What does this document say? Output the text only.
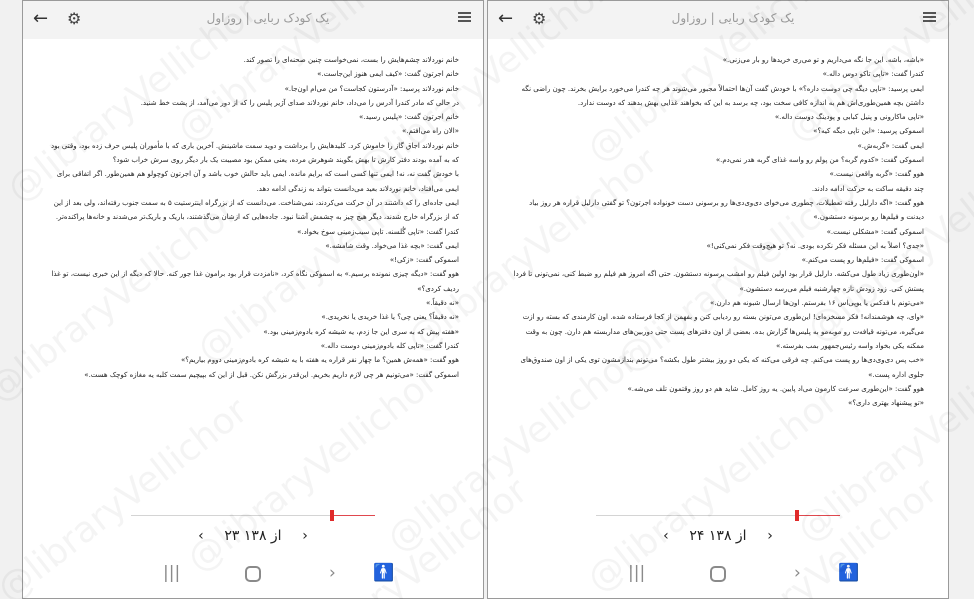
← ⚙	یک کودک ربایی | روزاول

خانم نوردلاند چشم‌هایش را بست، نمی‌خواست چنین صحنه‌ای را تصور کند.

خانم اجرتون گفت: «کیف ایمی هنوز این‌جاست.»

خانم نوردلاند پرسید: «آدرستون کجاست؟ من می‌ام اون‌جا.»

در حالی که مادر کندرا آدرس را می‌داد، خانم نوردلاند صدای آژیر پلیس را که از دور می‌آمد، از پشت خط شنید.

خانم اجرتون گفت: «پلیس رسید.»

«الان راه می‌افتم.»

خانم نوردلاند اجاق گاز را خاموش کرد. کلیدهایش را برداشت و دوید سمت ماشینش. آخرین باری که با مأموران پلیس حرف زده بود، وقتی بود که به آمده بودند دفتر کارش تا بهش بگویند شوهرش مرده، یعنی ممکن بود مصیبت یک بار دیگر روی سرش خراب شود؟

با خودش گفت نه، نه! ایمی تنها کسی است که برایم مانده. ایمی باید حالش خوب باشد و آن اجرتون کوچولو هم همین‌طور. اگر اتفاقی برای ایمی می‌افتاد، خانم نوردلاند بعید می‌دانست بتواند به زندگی ادامه دهد.

ایمی جاده‌ای را که داشتند در آن حرکت می‌کردند، نمی‌شناخت. می‌دانست که از بزرگراه اینترستیت ۵ به سمت جنوب رفته‌اند، ولی بعد از این که از بزرگراه خارج شدند، دیگر هیچ چیز به چشمش آشنا نبود. جاده‌هایی که ازشان می‌گذشتند، باریک و باریک‌تر می‌شدند و خانه‌ها پراکنده‌تر.

کندرا گفت: «تاپی گُلسنه. تاپی سیب‌زمینی سوخ بخواد.»

ایمی گفت: «بچه غذا می‌خواد. وقت شامشه.»

اسموکی گفت: «زکی!»

هوو گفت: «دیگه چیزی نمونده برسیم.» به اسموکی نگاه کرد، «نامزدت قرار بود برامون غذا جور کنه. حالا که دیگه از این خبری نیست، تو غذا ردیف کردی؟»

«نه دقیقاً.»

«نه دقیقاً؟ یعنی چی؟ یا غذا خریدی یا نخریدی.»

«هفته پیش که به سری این جا زدم، یه شیشه کره بادوم‌زمینی بود.»

کندرا گفت: «تاپی کله بادوم‌زمینی دوست داله.»

هوو گفت: «همه‌ش همین؟ ما چهار نفر قراره یه هفته با یه شیشه کره بادوم‌زمینی دووم بیاریم؟»

اسموکی گفت: «می‌تونیم هر چی لازم داریم بخریم. این‌قدر بزرگش نکن. قبل از این که بپیچیم سمت کلبه یه مغازه کوچک هست.»

‹ ۲۳ از ۱۳۸ ›
|||	› 🚹
← ⚙	یک کودک ربایی | روزاول

«باشه، باشه. این جا نگه می‌داریم و تو می‌ری خریدها رو بار می‌زنی.»

کندرا گفت: «تاپی تاکو دوس داله.»

ایمی پرسید: «تاپی دیگه چی دوست داره؟» با خودش گفت آن‌ها احتمالاً مجبور می‌شوند هر چه کندرا می‌خورد برایش بخرند. چون راضی نگه داشتن بچه همین‌طوری‌اش هم به اندازه کافی سخت بود، چه برسد به این که بخواهند غذایی بهش بدهند که دوست ندارد.

«تاپی ماکارونی و پنیل کبابی و پودینگ دوست داله.»

اسموکی پرسید: «این تاپی دیگه کیه؟»

ایمی گفت: «گربه‌ش.»

اسموکی گفت: «کدوم گربه؟ من پولم رو واسه غذای گربه هدر نمی‌دم.»

هوو گفت: «گربه واقعی نیست.»

چند دقیقه ساکت به حرکت ادامه دادند.

هوو گفت: «اگه دارلیل رفته تعطیلات، چطوری می‌خوای دی‌وی‌دی‌ها رو برسونی دست خونواده اجرتون؟ تو گفتی دارلیل قراره هر روز بیاد دیدنت و فیلم‌ها رو برسونه دستشون.»

اسموکی گفت: «مشکلی نیست.»

«جدی؟ اصلاً به این مسئله فکر نکرده بودی. نه؟ تو هیچ‌وقت فکر نمی‌کنی!»

اسموکی گفت: «فیلم‌ها رو پست می‌کنم.»

«اون‌طوری زیاد طول می‌کشه. دارلیل قرار بود اولین فیلم رو امشب برسونه دستشون. حتی اگه امروز هم فیلم رو ضبط کنی، نمی‌تونی تا فردا پستش کنی. زود زودش تازه چهارشنبه فیلم می‌رسه دستشون.»

«می‌تونم با فدکس یا یوپی‌اس ۱۶ بفرستم. اون‌ها ارسال شبونه هم دارن.»

«وای، چه هوشمندانه! فکر مسخره‌ای! این‌طوری می‌تونن بسته رو ردیابی کنن و بفهمن از کجا فرستاده شده. اون کارمندی که بسته رو ازت می‌گیره، می‌تونه قیافه‌ت رو موبه‌مو به پلیس‌ها گزارش بده. بعضی از اون دفترهای پست حتی دوربین‌های مداربسته هم دارن. چون به وقت ممکنه یکی بخواد واسه رئیس‌جمهور بمب بفرسته.»

«خب پس دی‌وی‌دی‌ها رو پست می‌کنم. چه فرقی می‌کنه که یکی دو روز بیشتر طول بکشه؟ می‌تونم بندازمشون توی یکی از اون صندوق‌های جلوی اداره پست.»

هوو گفت: «این‌طوری سرعت کارمون می‌اد پایین. یه روز کامل. شاید هم دو روز وقتمون تلف می‌شه.»

«تو پیشنهاد بهتری داری؟»

‹ ۲۴ از ۱۳۸ ›
|||	› 🚹
